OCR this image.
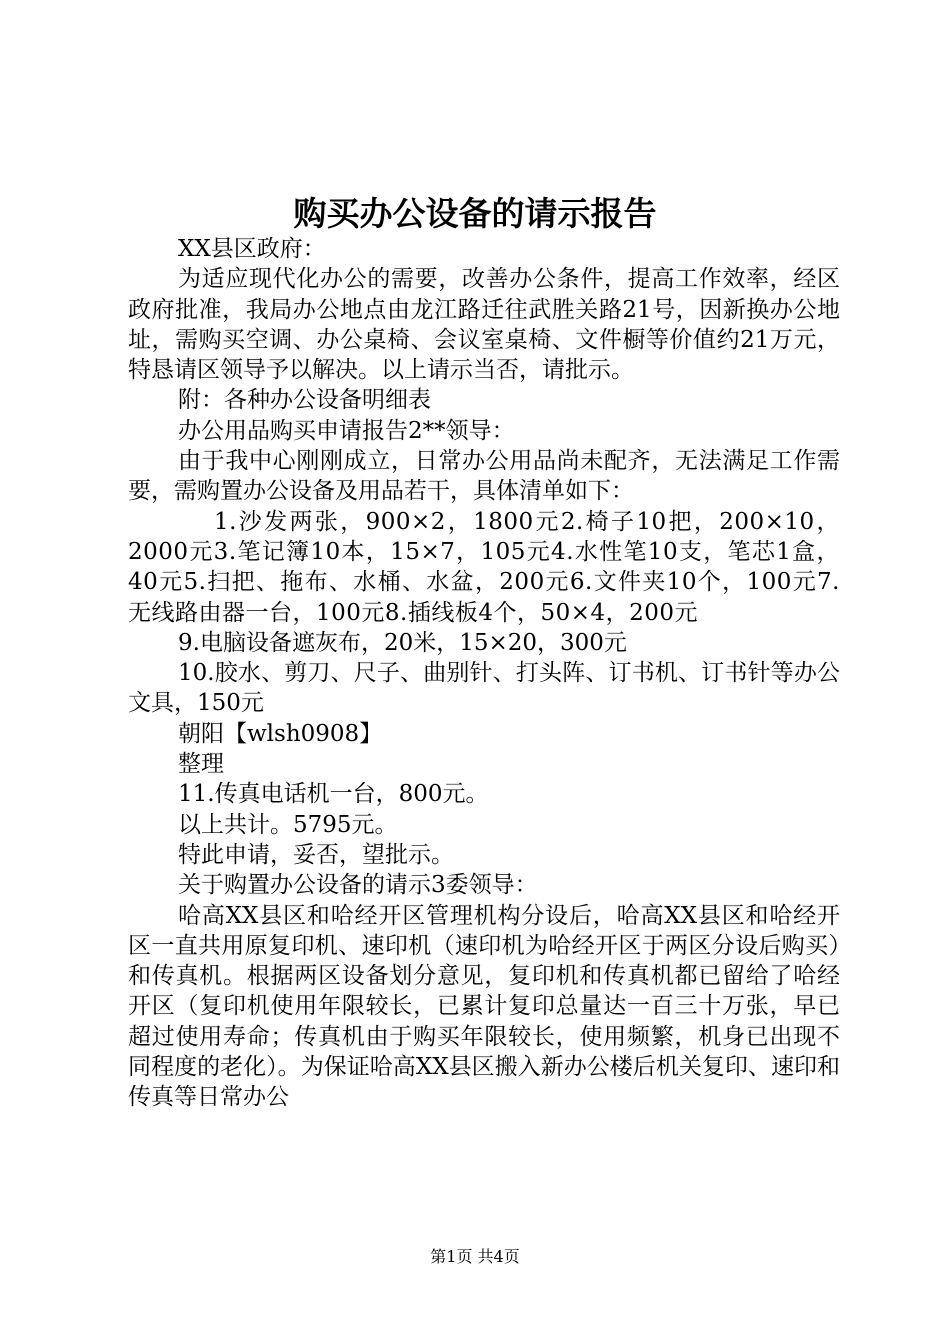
购买办公设备的请示报告

XX县区政府：

为适应现代化办公的需要，改善办公条件，提高工作效率，经区政府批准，我局办公地点由龙江路迁往武胜关路21号，因新换办公地址，需购买空调、办公桌椅、会议室桌椅、文件橱等价值约21万元，特恳请区领导予以解决。以上请示当否，请批示。

附：各种办公设备明细表

办公用品购买申请报告2**领导：

由于我中心刚刚成立，日常办公用品尚未配齐，无法满足工作需要，需购置办公设备及用品若干，具体清单如下：

1.沙发两张，900×2，1800元2.椅子10把，200×10，2000元3.笔记簿10本，15×7，105元4.水性笔10支，笔芯1盒，40元5.扫把、拖布、水桶、水盆，200元6.文件夹10个，100元7.无线路由器一台，100元8.插线板4个，50×4，200元

9.电脑设备遮灰布，20米，15×20，300元

10.胶水、剪刀、尺子、曲别针、打头阵、订书机、订书针等办公文具，150元

朝阳【wlsh0908】

整理

11.传真电话机一台，800元。

以上共计。5795元。

特此申请，妥否，望批示。

关于购置办公设备的请示3委领导：

哈高XX县区和哈经开区管理机构分设后，哈高XX县区和哈经开区一直共用原复印机、速印机（速印机为哈经开区于两区分设后购买）和传真机。根据两区设备划分意见，复印机和传真机都已留给了哈经开区（复印机使用年限较长，已累计复印总量达一百三十万张，早已超过使用寿命；传真机由于购买年限较长，使用频繁，机身已出现不同程度的老化）。为保证哈高XX县区搬入新办公楼后机关复印、速印和传真等日常办公

第1页 共4页
